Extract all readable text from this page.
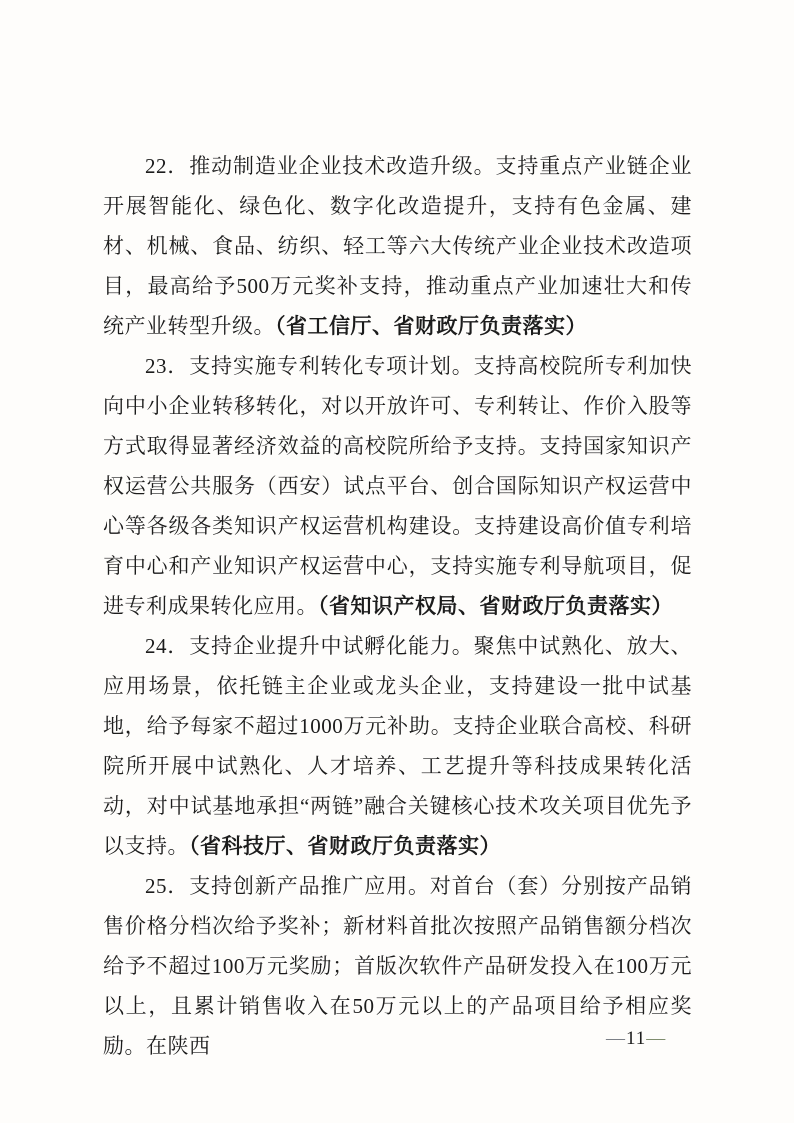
22．推动制造业企业技术改造升级。支持重点产业链企业开展智能化、绿色化、数字化改造提升，支持有色金属、建材、机械、食品、纺织、轻工等六大传统产业企业技术改造项目，最高给予500万元奖补支持，推动重点产业加速壮大和传统产业转型升级。（省工信厅、省财政厅负责落实）

23．支持实施专利转化专项计划。支持高校院所专利加快向中小企业转移转化，对以开放许可、专利转让、作价入股等方式取得显著经济效益的高校院所给予支持。支持国家知识产权运营公共服务（西安）试点平台、创合国际知识产权运营中心等各级各类知识产权运营机构建设。支持建设高价值专利培育中心和产业知识产权运营中心，支持实施专利导航项目，促进专利成果转化应用。（省知识产权局、省财政厅负责落实）

24．支持企业提升中试孵化能力。聚焦中试熟化、放大、应用场景，依托链主企业或龙头企业，支持建设一批中试基地，给予每家不超过1000万元补助。支持企业联合高校、科研院所开展中试熟化、人才培养、工艺提升等科技成果转化活动，对中试基地承担“两链”融合关键核心技术攻关项目优先予以支持。（省科技厅、省财政厅负责落实）

25．支持创新产品推广应用。对首台（套）分别按产品销售价格分档次给予奖补；新材料首批次按照产品销售额分档次给予不超过100万元奖励；首版次软件产品研发投入在100万元以上，且累计销售收入在50万元以上的产品项目给予相应奖励。在陕西	—11—
